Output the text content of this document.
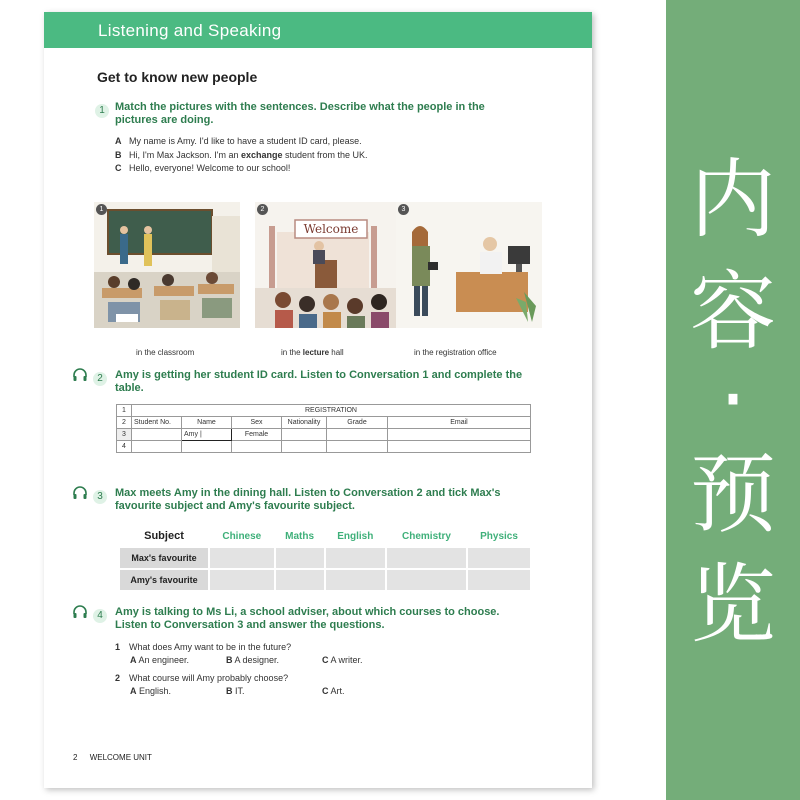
Listening and Speaking
Get to know new people
1 Match the pictures with the sentences. Describe what the people in the
pictures are doing.
A My name is Amy. I'd like to have a student ID card, please.
B Hi, I'm Max Jackson. I'm an exchange student from the UK.
C Hello, everyone! Welcome to our school!
1
in the classroom
Welcome
2
in the lecture hall
3
in the registration office
2	Amy is getting her student ID card. Listen to Conversation 1 and complete the
table.
1	REGISTRATION					
2	Student No.	Name	Sex	Nationality	Grade	Email
3		Amy |	Female			
4						
3	Max meets Amy in the dining hall. Listen to Conversation 2 and tick Max's
favourite subject and Amy's favourite subject.
Subject	Chinese	Maths	English	Chemistry	Physics
Max's favourite					
Amy's favourite					
4	Amy is talking to Ms Li, a school adviser, about which courses to choose.
Listen to Conversation 3 and answer the questions.
1 What does Amy want to be in the future?
A An engineer.	B A designer.	C A writer.
2 What course will Amy probably choose?
A English.	B IT.	C Art.
2 WELCOME UNIT
内
容
·
预
览
